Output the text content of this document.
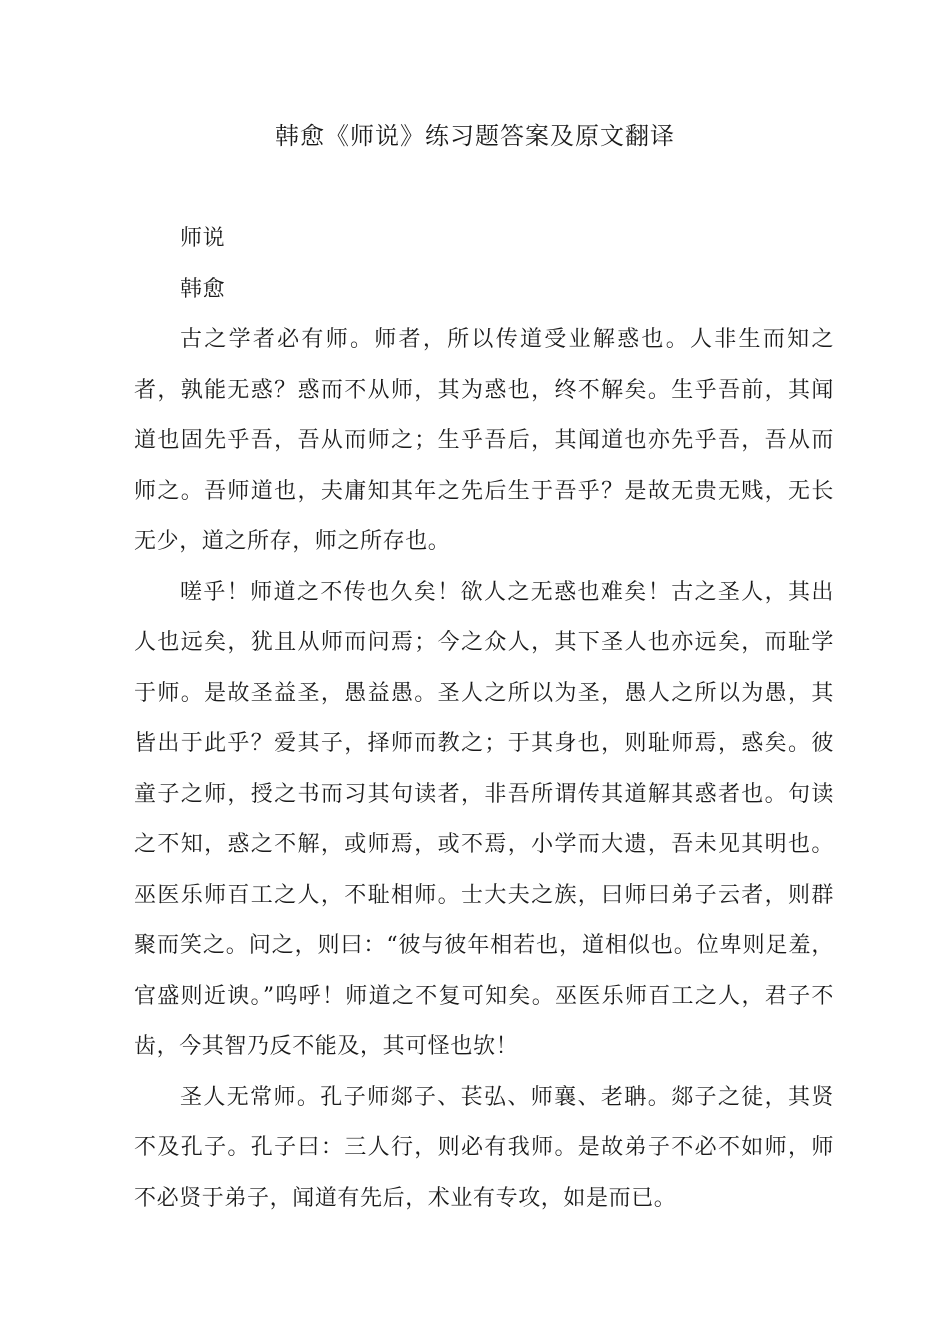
韩愈《师说》练习题答案及原文翻译

师说

韩愈

古之学者必有师。师者，所以传道受业解惑也。人非生而知之者，孰能无惑？惑而不从师，其为惑也，终不解矣。生乎吾前，其闻道也固先乎吾，吾从而师之；生乎吾后，其闻道也亦先乎吾，吾从而师之。吾师道也，夫庸知其年之先后生于吾乎？是故无贵无贱，无长无少，道之所存，师之所存也。

嗟乎！师道之不传也久矣！欲人之无惑也难矣！古之圣人，其出人也远矣，犹且从师而问焉；今之众人，其下圣人也亦远矣，而耻学于师。是故圣益圣，愚益愚。圣人之所以为圣，愚人之所以为愚，其皆出于此乎？爱其子，择师而教之；于其身也，则耻师焉，惑矣。彼童子之师，授之书而习其句读者，非吾所谓传其道解其惑者也。句读之不知，惑之不解，或师焉，或不焉，小学而大遗，吾未见其明也。巫医乐师百工之人，不耻相师。士大夫之族，曰师曰弟子云者，则群聚而笑之。问之，则曰：“彼与彼年相若也，道相似也。位卑则足羞，官盛则近谀。”呜呼！师道之不复可知矣。巫医乐师百工之人，君子不齿，今其智乃反不能及，其可怪也欤！

圣人无常师。孔子师郯子、苌弘、师襄、老聃。郯子之徒，其贤不及孔子。孔子曰：三人行，则必有我师。是故弟子不必不如师，师不必贤于弟子，闻道有先后，术业有专攻，如是而已。
